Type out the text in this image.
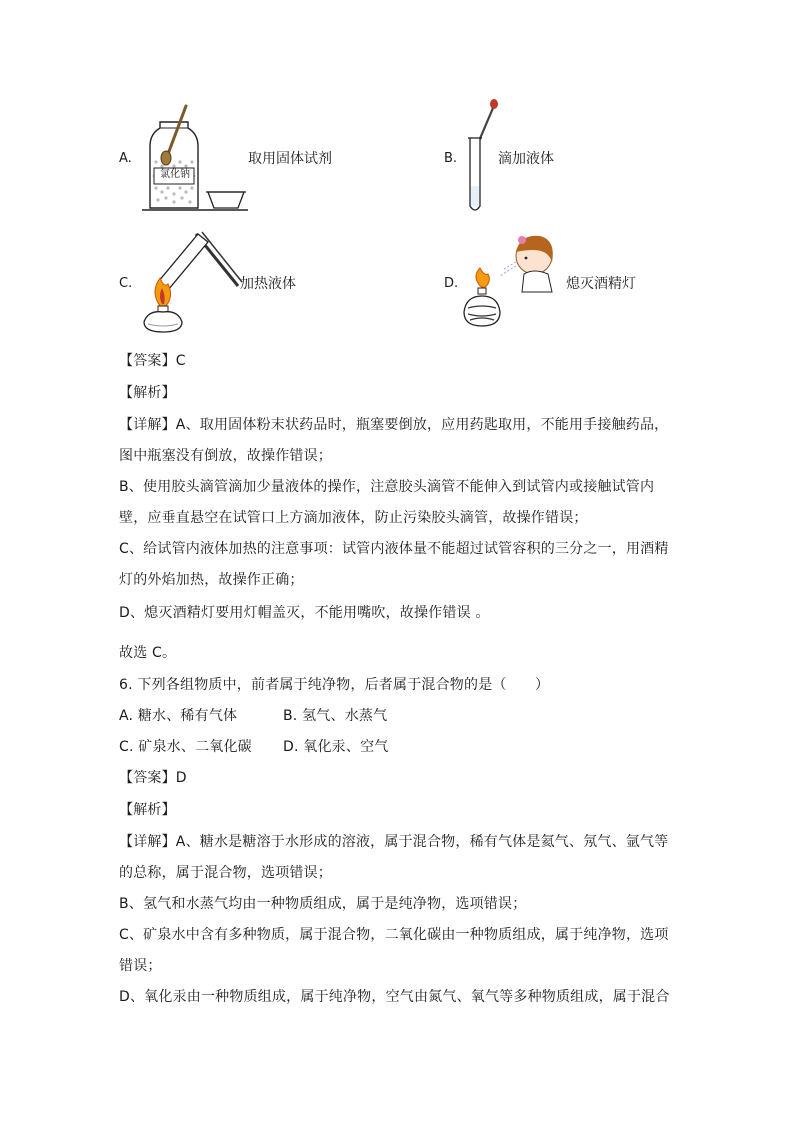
A.
氯化钠
取用固体试剂	B.	滴加液体
C.	加热液体	D.	熄灭酒精灯
【答案】C
【解析】
【详解】A、取用固体粉末状药品时，瓶塞要倒放，应用药匙取用，不能用手接触药品，
图中瓶塞没有倒放，故操作错误；
B、使用胶头滴管滴加少量液体的操作，注意胶头滴管不能伸入到试管内或接触试管内
壁，应垂直悬空在试管口上方滴加液体，防止污染胶头滴管，故操作错误；
C、给试管内液体加热的注意事项：试管内液体量不能超过试管容积的三分之一，用酒精
灯的外焰加热，故操作正确；
D、熄灭酒精灯要用灯帽盖灭，不能用嘴吹，故操作错误 。
故选 C。
6. 下列各组物质中，前者属于纯净物，后者属于混合物的是（　　）
A. 糖水、稀有气体	B. 氢气、水蒸气
C. 矿泉水、二氧化碳 D. 氧化汞、空气
【答案】D
【解析】
【详解】A、糖水是糖溶于水形成的溶液，属于混合物，稀有气体是氦气、氖气、氩气等
的总称，属于混合物，选项错误；
B、氢气和水蒸气均由一种物质组成，属于是纯净物，选项错误；
C、矿泉水中含有多种物质，属于混合物，二氧化碳由一种物质组成，属于纯净物，选项
错误；
D、氧化汞由一种物质组成，属于纯净物，空气由氮气、氧气等多种物质组成，属于混合
